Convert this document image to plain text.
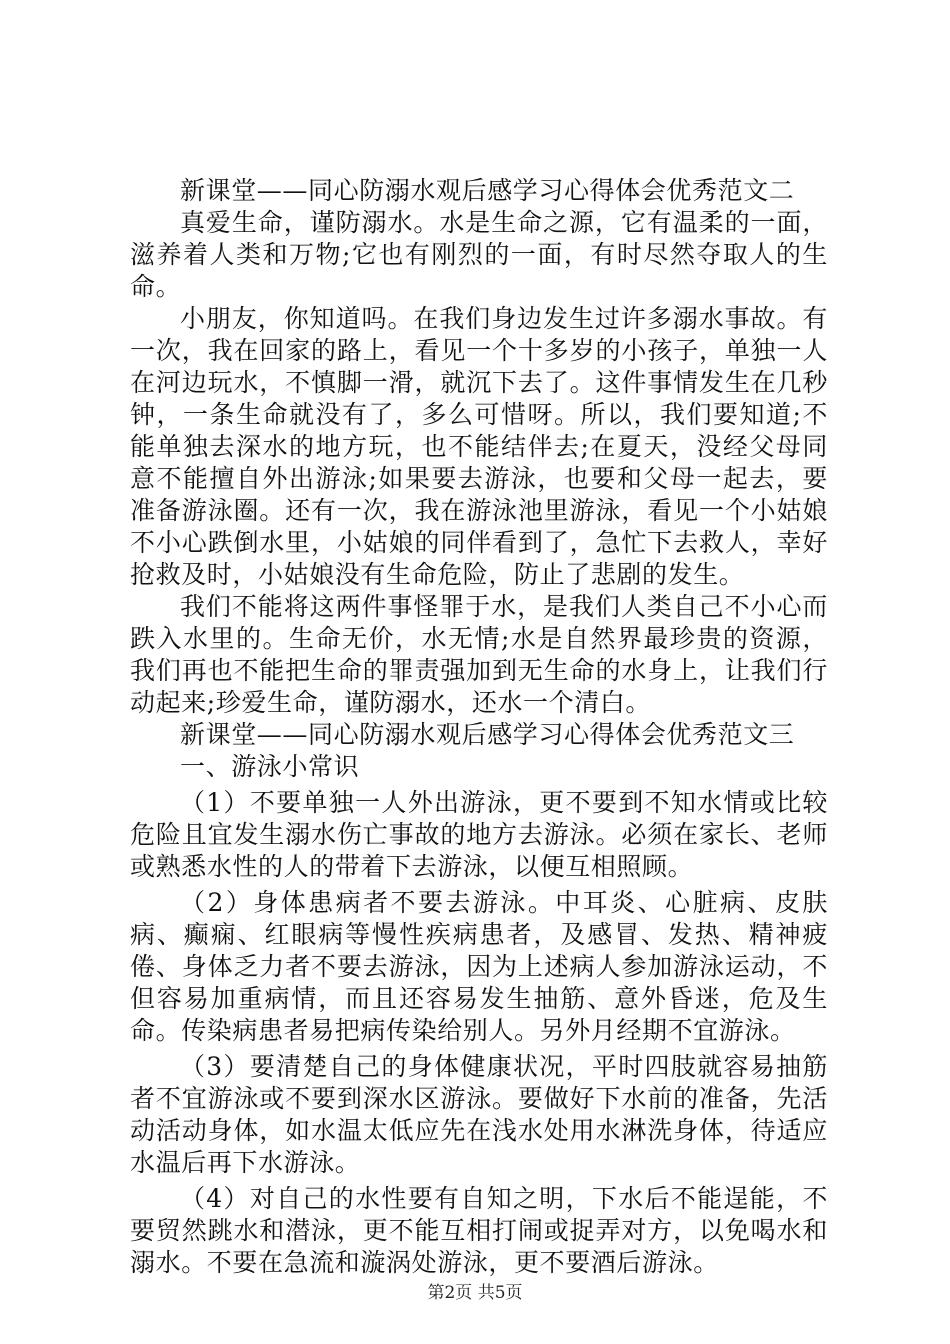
新课堂——同心防溺水观后感学习心得体会优秀范文二

真爱生命，谨防溺水。水是生命之源，它有温柔的一面，滋养着人类和万物;它也有刚烈的一面，有时尽然夺取人的生命。

小朋友，你知道吗。在我们身边发生过许多溺水事故。有一次，我在回家的路上，看见一个十多岁的小孩子，单独一人在河边玩水，不慎脚一滑，就沉下去了。这件事情发生在几秒钟，一条生命就没有了，多么可惜呀。所以，我们要知道;不能单独去深水的地方玩，也不能结伴去;在夏天，没经父母同意不能擅自外出游泳;如果要去游泳，也要和父母一起去，要准备游泳圈。还有一次，我在游泳池里游泳，看见一个小姑娘不小心跌倒水里，小姑娘的同伴看到了，急忙下去救人，幸好抢救及时，小姑娘没有生命危险，防止了悲剧的发生。

我们不能将这两件事怪罪于水，是我们人类自己不小心而跌入水里的。生命无价，水无情;水是自然界最珍贵的资源，我们再也不能把生命的罪责强加到无生命的水身上，让我们行动起来;珍爱生命，谨防溺水，还水一个清白。

新课堂——同心防溺水观后感学习心得体会优秀范文三

一、游泳小常识

（1）不要单独一人外出游泳，更不要到不知水情或比较危险且宜发生溺水伤亡事故的地方去游泳。必须在家长、老师或熟悉水性的人的带着下去游泳，以便互相照顾。

（2）身体患病者不要去游泳。中耳炎、心脏病、皮肤病、癫痫、红眼病等慢性疾病患者，及感冒、发热、精神疲倦、身体乏力者不要去游泳，因为上述病人参加游泳运动，不但容易加重病情，而且还容易发生抽筋、意外昏迷，危及生命。传染病患者易把病传染给别人。另外月经期不宜游泳。

（3）要清楚自己的身体健康状况，平时四肢就容易抽筋者不宜游泳或不要到深水区游泳。要做好下水前的准备，先活动活动身体，如水温太低应先在浅水处用水淋洗身体，待适应水温后再下水游泳。

（4）对自己的水性要有自知之明，下水后不能逞能，不要贸然跳水和潜泳，更不能互相打闹或捉弄对方，以免喝水和溺水。不要在急流和漩涡处游泳，更不要酒后游泳。

第2页 共5页
